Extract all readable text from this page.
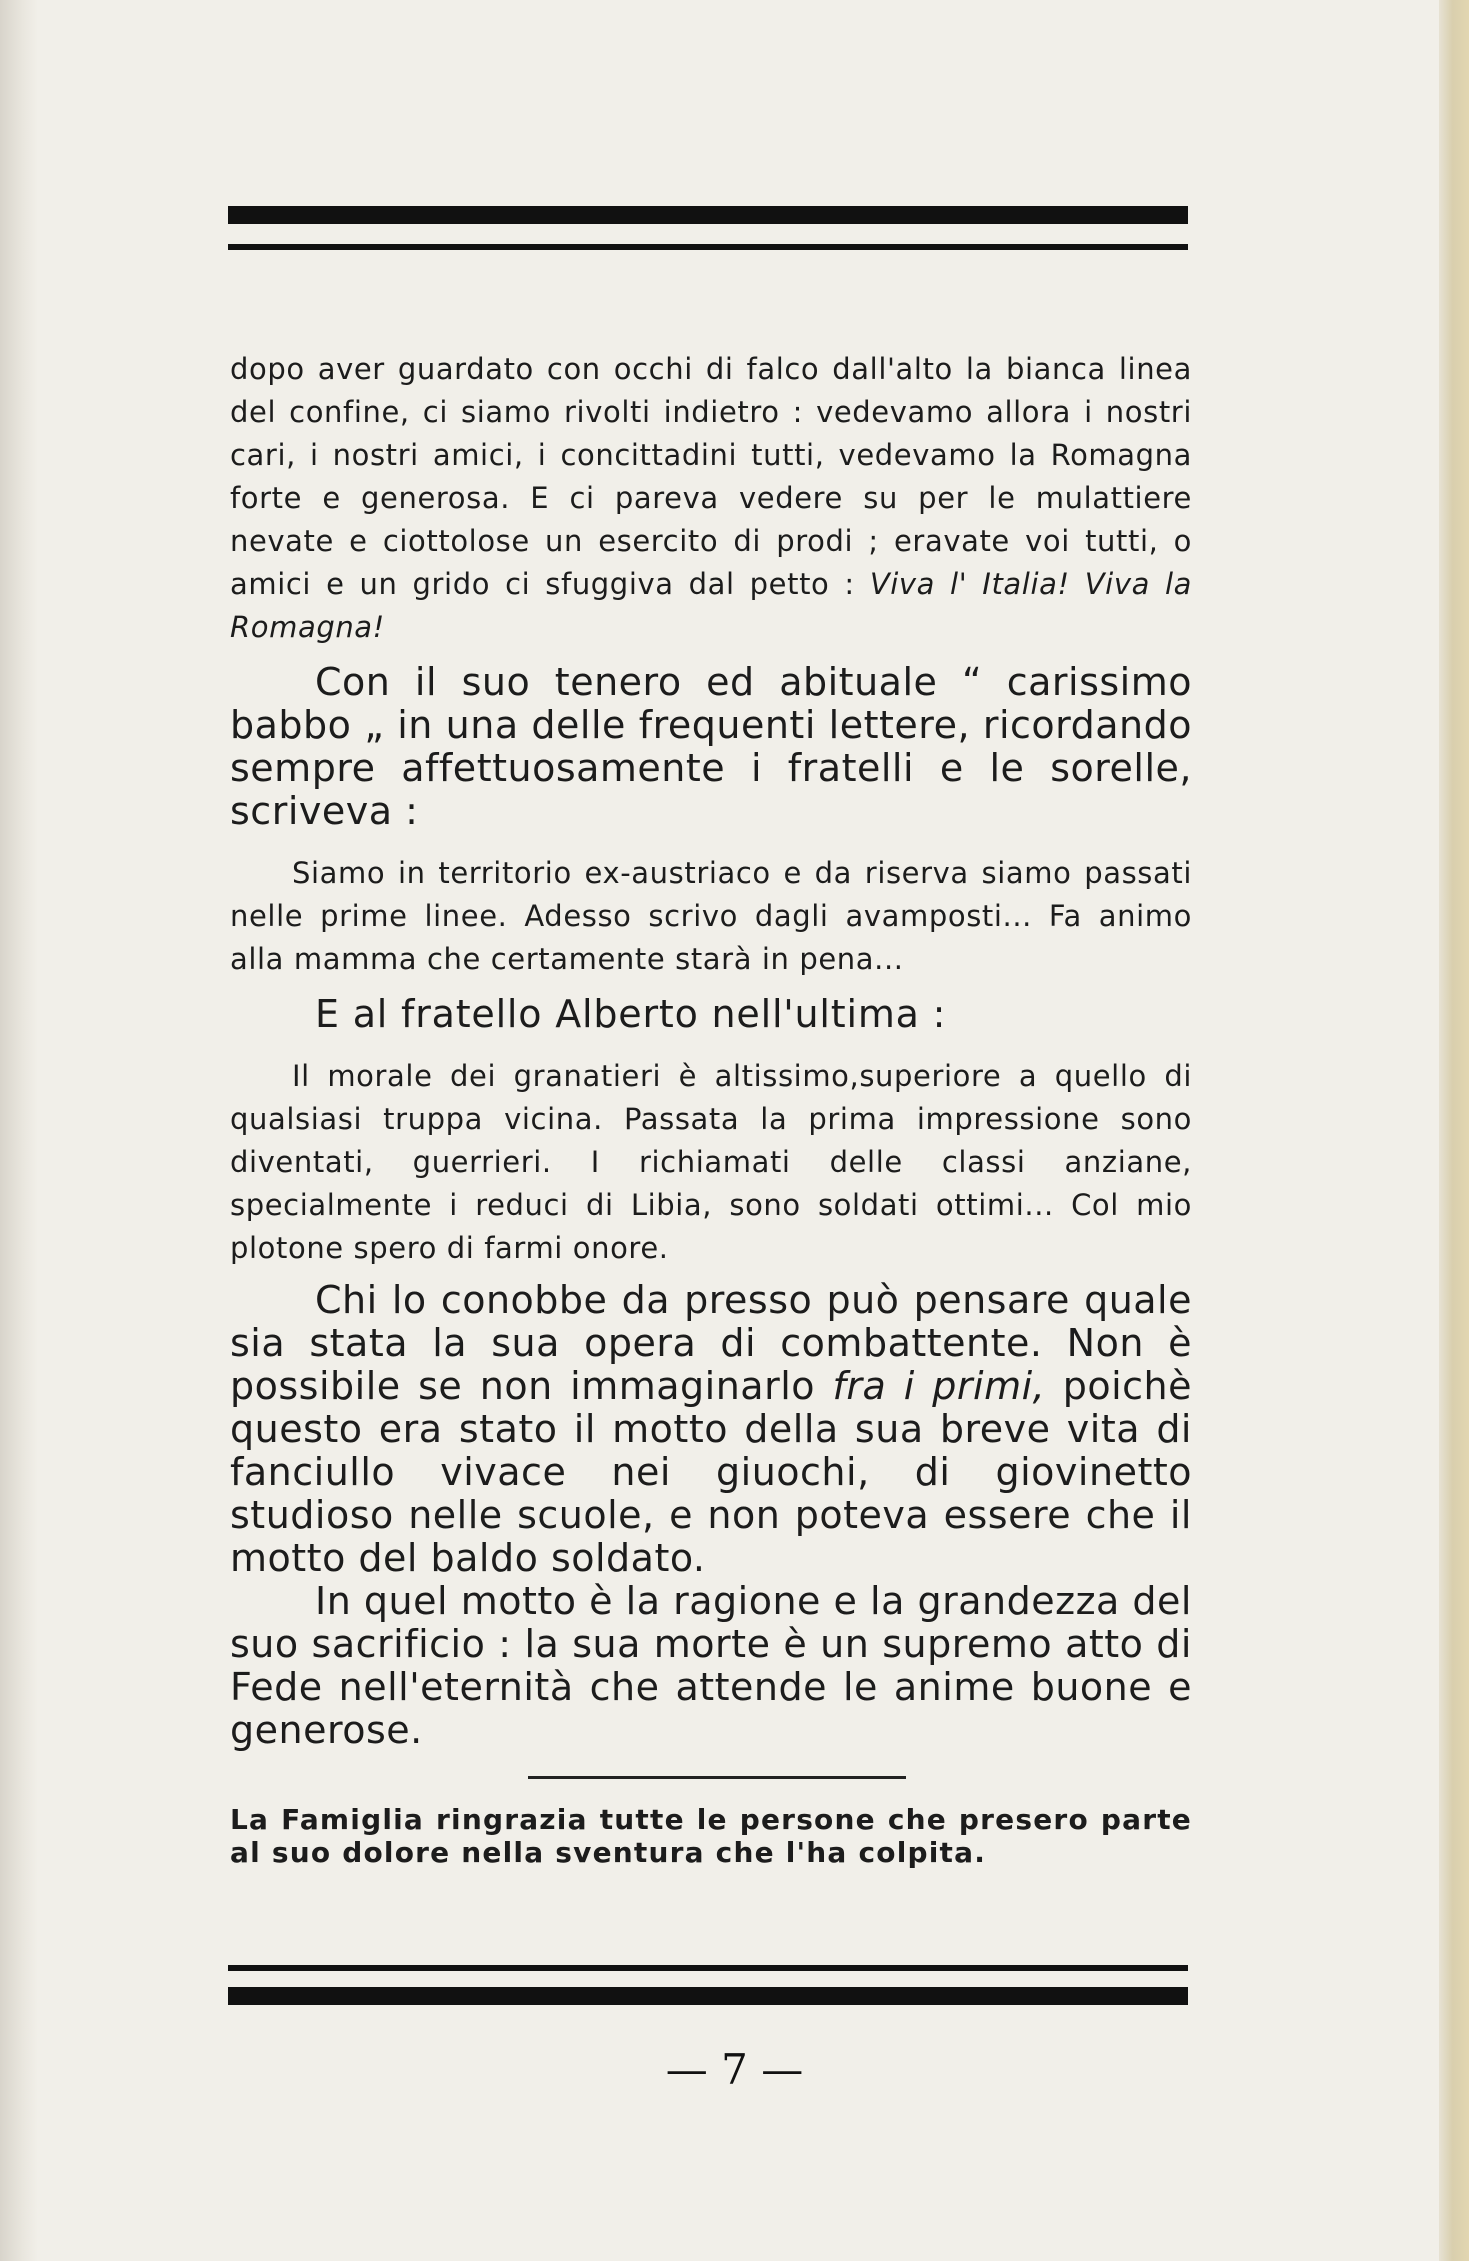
dopo aver guardato con occhi di falco dall'alto la bianca linea del confine, ci siamo rivolti indietro : vedevamo allora i nostri cari, i nostri amici, i concittadini tutti, vedevamo la Romagna forte e generosa. E ci pareva vedere su per le mulattiere nevate e ciottolose un esercito di prodi ; eravate voi tutti, o amici e un grido ci sfuggiva dal petto : Viva l' Italia! Viva la Romagna!

Con il suo tenero ed abituale “ carissimo babbo „ in una delle frequenti lettere, ricordando sempre affettuosamente i fratelli e le sorelle, scriveva :

Siamo in territorio ex-austriaco e da riserva siamo passati nelle prime linee. Adesso scrivo dagli avamposti... Fa animo alla mamma che certamente starà in pena...

E al fratello Alberto nell'ultima :

Il morale dei granatieri è altissimo,superiore a quello di qualsiasi truppa vicina. Passata la prima impressione sono diventati, guerrieri. I richiamati delle classi anziane, specialmente i reduci di Libia, sono soldati ottimi... Col mio plotone spero di farmi onore.

Chi lo conobbe da presso può pensare quale sia stata la sua opera di combattente. Non è possibile se non immaginarlo fra i primi, poichè questo era stato il motto della sua breve vita di fanciullo vivace nei giuochi, di giovinetto studioso nelle scuole, e non poteva essere che il motto del baldo soldato.

In quel motto è la ragione e la grandezza del suo sacrificio : la sua morte è un supremo atto di Fede nell'eternità che attende le anime buone e generose.

La Famiglia ringrazia tutte le persone che presero parte al suo dolore nella sventura che l'ha colpita.

— 7 —
